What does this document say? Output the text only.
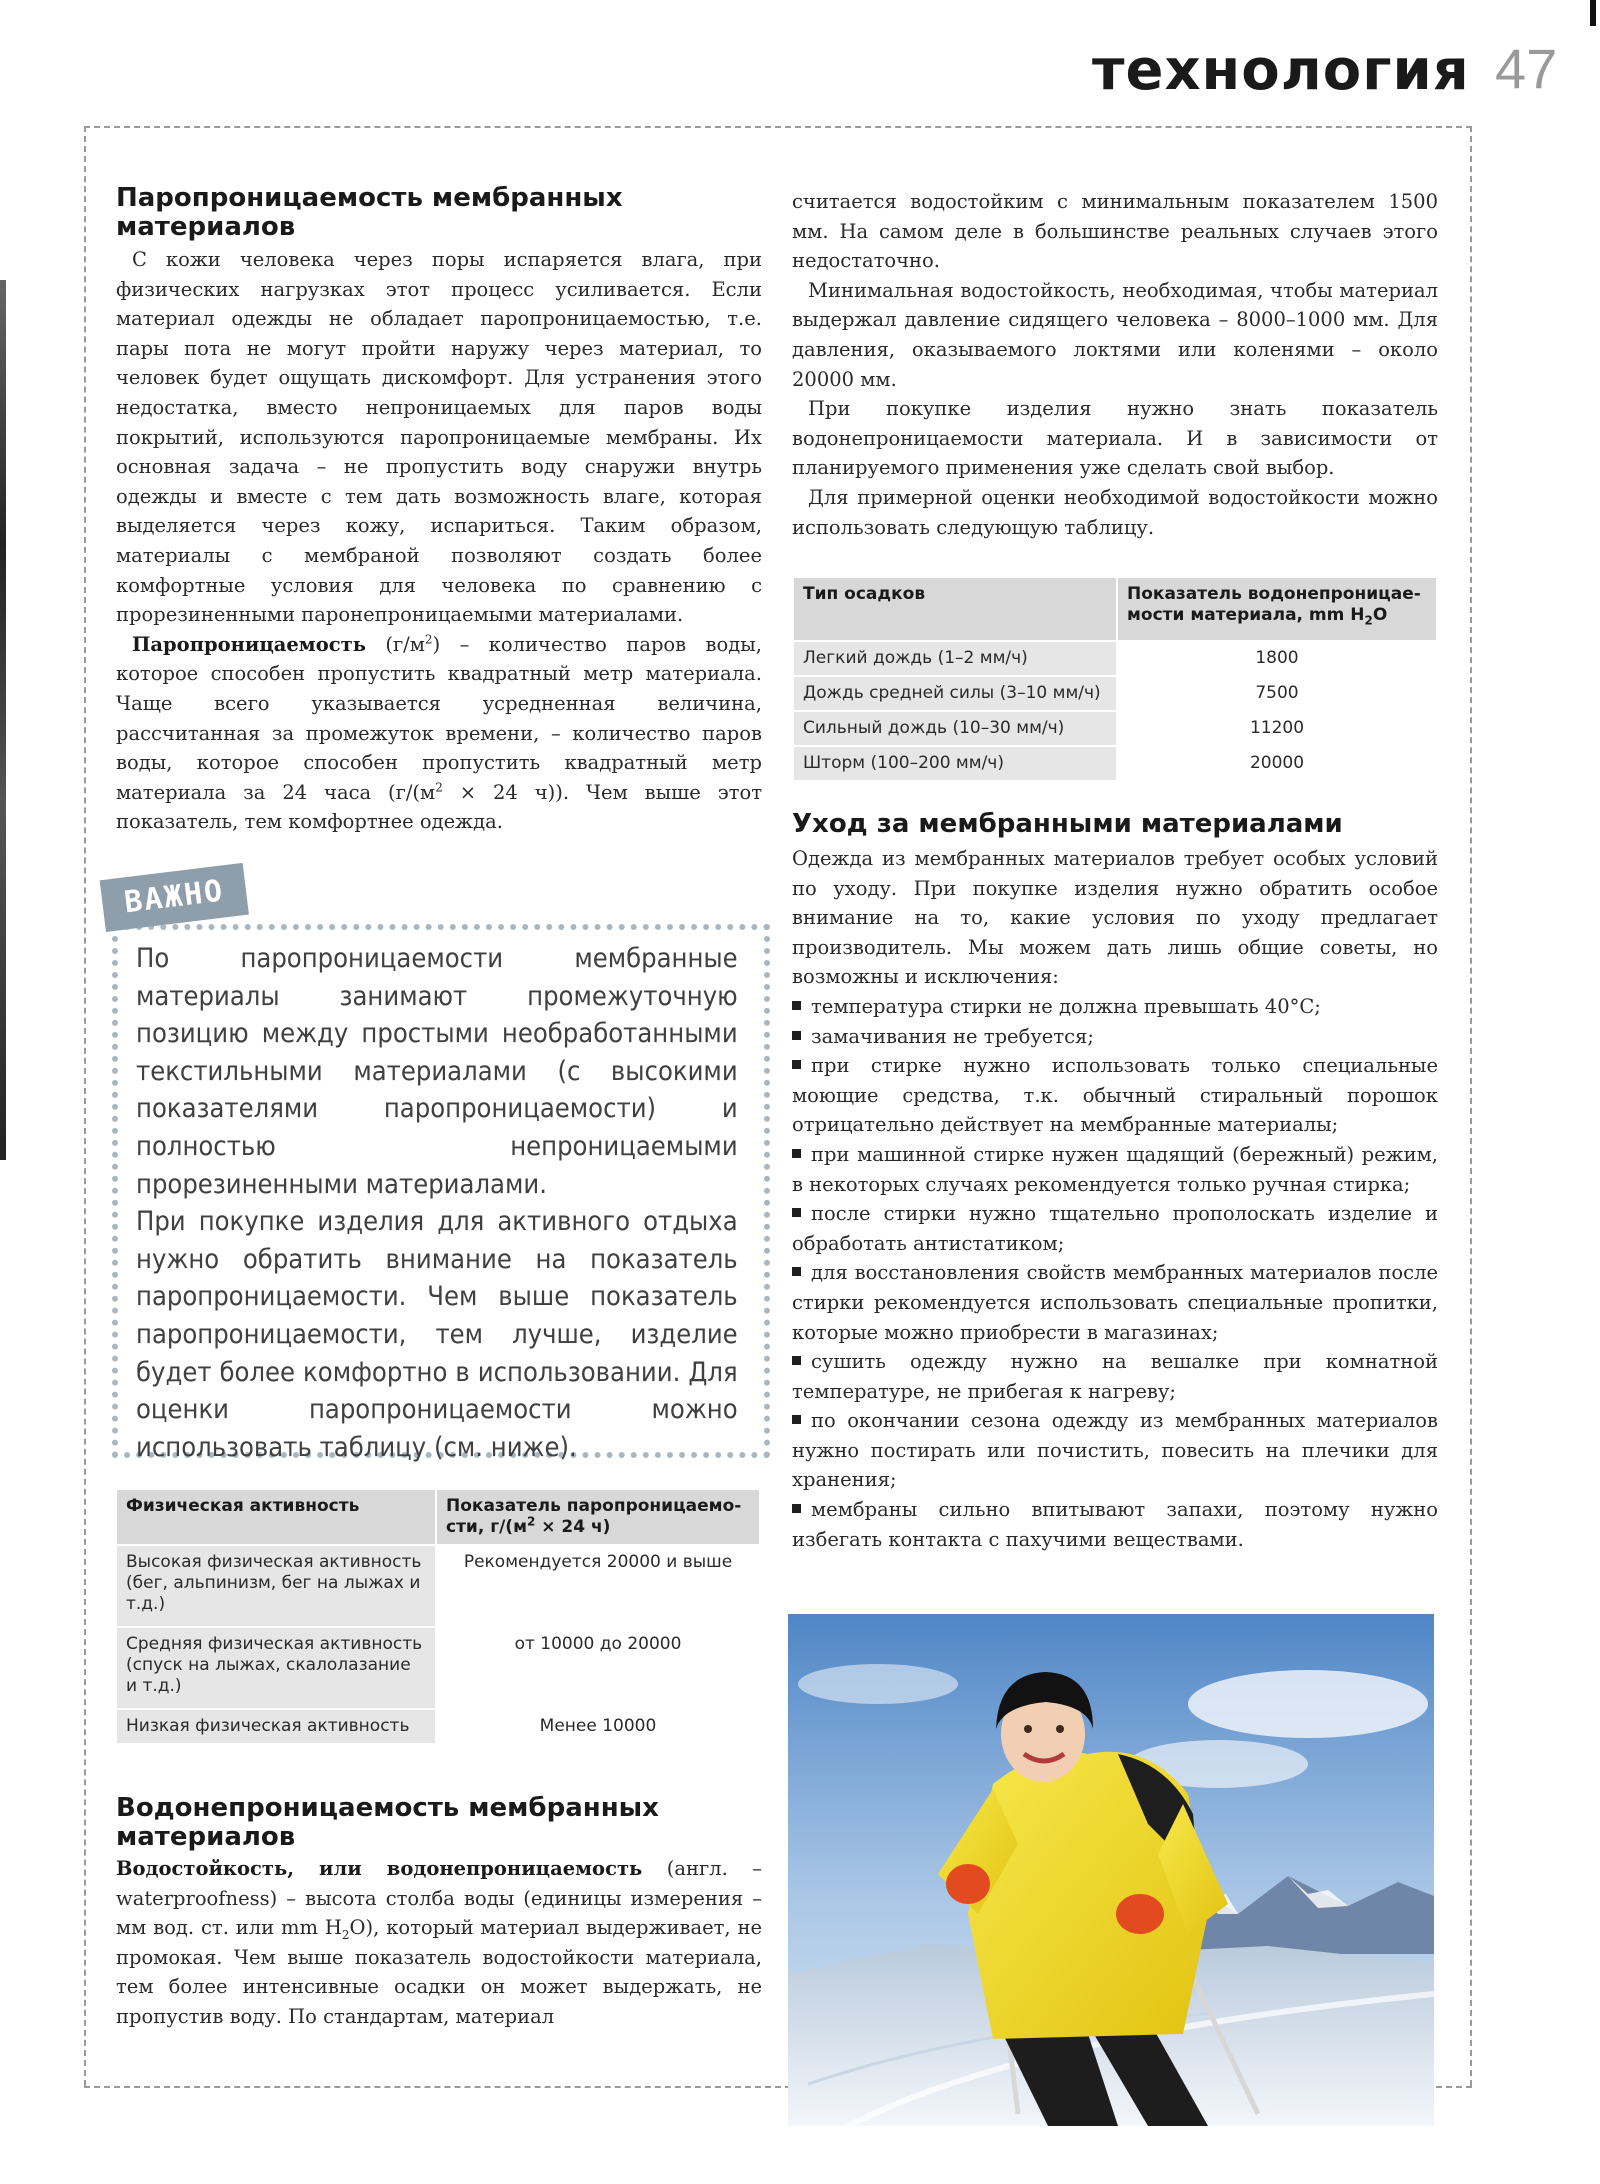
технология 47
Паропроницаемость мембранных материалов

С кожи человека через поры испаряется влага, при физических нагрузках этот процесс усиливается. Если материал одежды не обладает паропроницаемостью, т.е. пары пота не могут пройти наружу через материал, то человек будет ощущать дискомфорт. Для устранения этого недостатка, вместо непроницаемых для паров воды покрытий, используются паропроницаемые мембраны. Их основная задача – не пропустить воду снаружи внутрь одежды и вместе с тем дать возможность влаге, которая выделяется через кожу, испариться. Таким образом, материалы с мембраной позволяют создать более комфортные условия для человека по сравнению с прорезиненными паронепроницаемыми материалами.

Паропроницаемость $(г/м^2)$ – количество паров воды, которое способен пропустить квадратный метр материала. Чаще всего указывается усредненная величина, рассчитанная за промежуток времени, – количество паров воды, которое способен пропустить квадратный метр материала за 24 часа ($г/(м^2 \times 24$ ч)). Чем выше этот показатель, тем комфортнее одежда.

ВАЖНО

По паропроницаемости мембранные материалы занимают промежуточную позицию между простыми необработанными текстильными материалами (с высокими показателями паропроницаемости) и полностью непроницаемыми прорезиненными материалами.

При покупке изделия для активного отдыха нужно обратить внимание на показатель паропроницаемости. Чем выше показатель паропроницаемости, тем лучше, изделие будет более комфортно в использовании. Для оценки паропроницаемости можно использовать таблицу (см. ниже).

Физическая активность	Показатель паропроницаемо-сти, $г/(м^2 \times 24$ ч)
Высокая физическая активность (бег, альпинизм, бег на лыжах и т.д.)	Рекомендуется 20000 и выше
Средняя физическая активность (спуск на лыжах, скалолазание и т.д.)	от 10000 до 20000
Низкая физическая активность	Менее 10000
Водонепроницаемость мембранных материалов

Водостойкость, или водонепроницаемость (англ. – waterproofness) – высота столба воды (единицы измерения – мм вод. ст. или mm $H_2O$), который материал выдерживает, не промокая. Чем выше показатель водостойкости материала, тем более интенсивные осадки он может выдержать, не пропустив воду. По стандартам, материал

считается водостойким с минимальным показателем 1500 мм. На самом деле в большинстве реальных случаев этого недостаточно.

Минимальная водостойкость, необходимая, чтобы материал выдержал давление сидящего человека – 8000–1000 мм. Для давления, оказываемого локтями или коленями – около 20000 мм.

При покупке изделия нужно знать показатель водонепроницаемости материала. И в зависимости от планируемого применения уже сделать свой выбор.

Для примерной оценки необходимой водостойкости можно использовать следующую таблицу.

Тип осадков	Показатель водонепроницае-мости материала, mm $H_2O$
Легкий дождь (1–2 мм/ч)	1800
Дождь средней силы (3–10 мм/ч)	7500
Сильный дождь (10–30 мм/ч)	11200
Шторм (100–200 мм/ч)	20000
Уход за мембранными материалами

Одежда из мембранных материалов требует особых условий по уходу. При покупке изделия нужно обратить особое внимание на то, какие условия по уходу предлагает производитель. Мы можем дать лишь общие советы, но возможны и исключения:

температура стирки не должна превышать 40°С;
замачивания не требуется;
при стирке нужно использовать только специальные моющие средства, т.к. обычный стиральный порошок отрицательно действует на мембранные материалы;
при машинной стирке нужен щадящий (бережный) режим, в некоторых случаях рекомендуется только ручная стирка;
после стирки нужно тщательно прополоскать изделие и обработать антистатиком;
для восстановления свойств мембранных материалов после стирки рекомендуется использовать специальные пропитки, которые можно приобрести в магазинах;
сушить одежду нужно на вешалке при комнатной температуре, не прибегая к нагреву;
по окончании сезона одежду из мембранных материалов нужно постирать или почистить, повесить на плечики для хранения;
мембраны сильно впитывают запахи, поэтому нужно избегать контакта с пахучими веществами.
